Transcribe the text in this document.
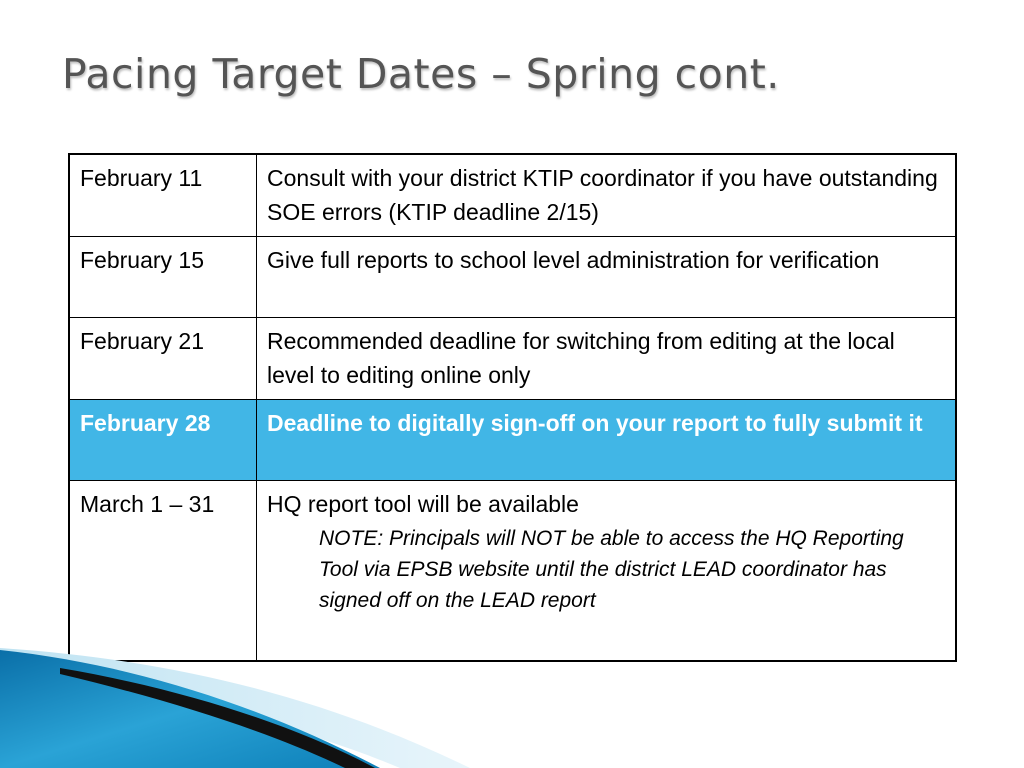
Pacing Target Dates – Spring cont.
February 11	Consult with your district KTIP coordinator if you have outstanding SOE errors (KTIP deadline 2/15)
February 15	Give full reports to school level administration for verification
February 21	Recommended deadline for switching from editing at the local level to editing online only
February 28	Deadline to digitally sign-off on your report to fully submit it
March 1 – 31	HQ report tool will be available
NOTE: Principals will NOT be able to access the HQ Reporting Tool via EPSB website until the district LEAD coordinator has signed off on the LEAD report
